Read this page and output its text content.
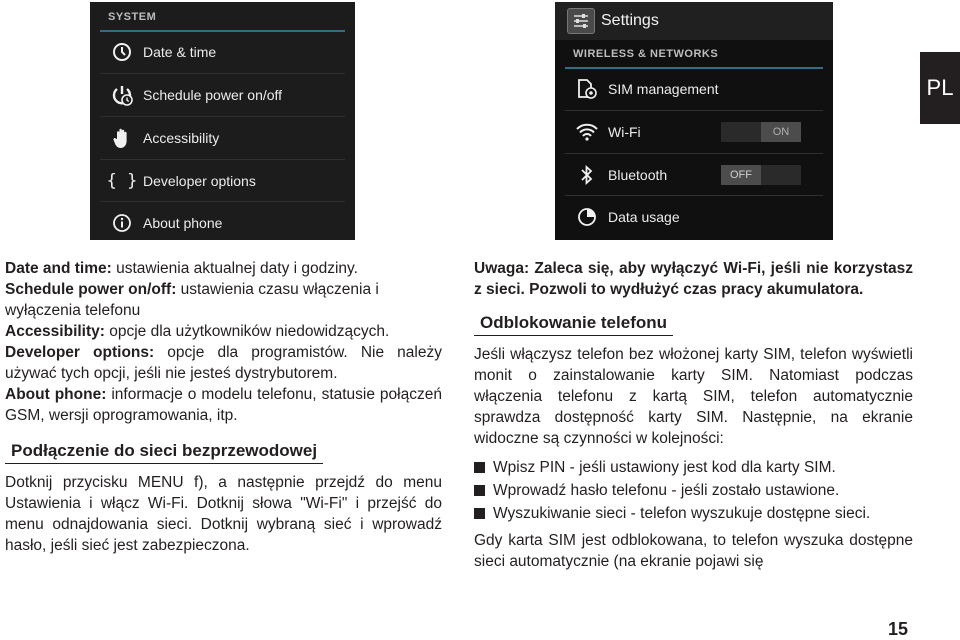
SYSTEM
Date & time
Schedule power on/off
Accessibility
{ } Developer options
About phone
Settings
WIRELESS & NETWORKS
SIM management
Wi-Fi	ON
Bluetooth	OFF
Data usage
PL

Date and time: ustawienia aktualnej daty i godziny.

Schedule power on/off: ustawienia czasu włączenia i wyłączenia telefonu

Accessibility: opcje dla użytkowników niedowidzących.

Developer options: opcje dla programistów. Nie należy używać tych opcji, jeśli nie jesteś dystrybutorem.

About phone: informacje o modelu telefonu, statusie połączeń GSM, wersji oprogramowania, itp.

Podłączenie do sieci bezprzewodowej

Dotknij przycisku MENU f), a następnie przejdź do menu Ustawienia i włącz Wi-Fi. Dotknij słowa "Wi-Fi" i przejść do menu odnajdowania sieci. Dotknij wybraną sieć i wprowadź hasło, jeśli sieć jest zabezpieczona.

Uwaga: Zaleca się, aby wyłączyć Wi-Fi, jeśli nie korzystasz z sieci. Pozwoli to wydłużyć czas pracy akumulatora.

Odblokowanie telefonu

Jeśli włączysz telefon bez włożonej karty SIM, telefon wyświetli monit o zainstalowanie karty SIM. Natomiast podczas włączenia telefonu z kartą SIM, telefon automatycznie sprawdza dostępność karty SIM. Następnie, na ekranie widoczne są czynności w kolejności:

Wpisz PIN - jeśli ustawiony jest kod dla karty SIM.
Wprowadź hasło telefonu - jeśli zostało ustawione.
Wyszukiwanie sieci - telefon wyszukuje dostępne sieci.

Gdy karta SIM jest odblokowana, to telefon wyszuka dostępne sieci automatycznie (na ekranie pojawi się

15
